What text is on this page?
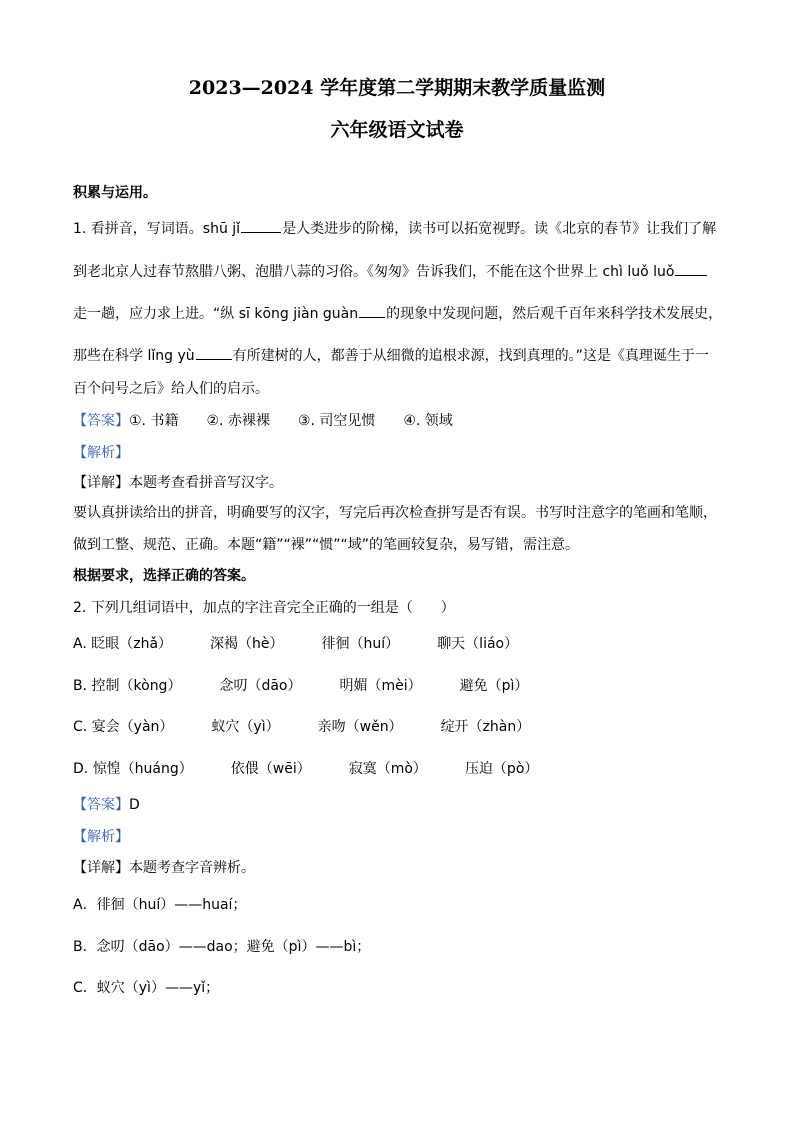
2023—2024 学年度第二学期期末教学质量监测
六年级语文试卷
积累与运用。
1. 看拼音，写词语。shū jǐ	是人类进步的阶梯，读书可以拓宽视野。读《北京的春节》让我们了解
到老北京人过春节熬腊八粥、泡腊八蒜的习俗。《匆匆》告诉我们，不能在这个世界上 chì luǒ luǒ
走一趟，应力求上进。“纵 sī kōng jiàn guàn 的现象中发现问题，然后观千百年来科学技术发展史，
那些在科学 lǐng yù	有所建树的人，都善于从细微的追根求源，找到真理的。”这是《真理诞生于一
百个问号之后》给人们的启示。
【答案】①. 书籍 ②. 赤裸裸 ③. 司空见惯 ④. 领域
【解析】
【详解】本题考查看拼音写汉字。
要认真拼读给出的拼音，明确要写的汉字，写完后再次检查拼写是否有误。书写时注意字的笔画和笔顺，
做到工整、规范、正确。本题“籍”“裸”“惯”“域”的笔画较复杂，易写错，需注意。
根据要求，选择正确的答案。
2. 下列几组词语中，加点的字注音完全正确的一组是（　　）
A. 眨眼（zhǎ）	深褐（hè）	徘徊（huí）	聊天（liáo）
B. 控制（kòng）	念叨（dāo）	明媚（mèi）	避免（pì）
C. 宴会（yàn）	蚁穴（yì）	亲吻（wěn）	绽开（zhàn）
D. 惊惶（huáng）	依偎（wēi）	寂寞（mò）	压迫（pò）
【答案】D
【解析】
【详解】本题考查字音辨析。
A．徘徊（huí）——huaí；
B．念叨（dāo）——dao；避免（pì）——bì；
C．蚁穴（yì）——yǐ；
